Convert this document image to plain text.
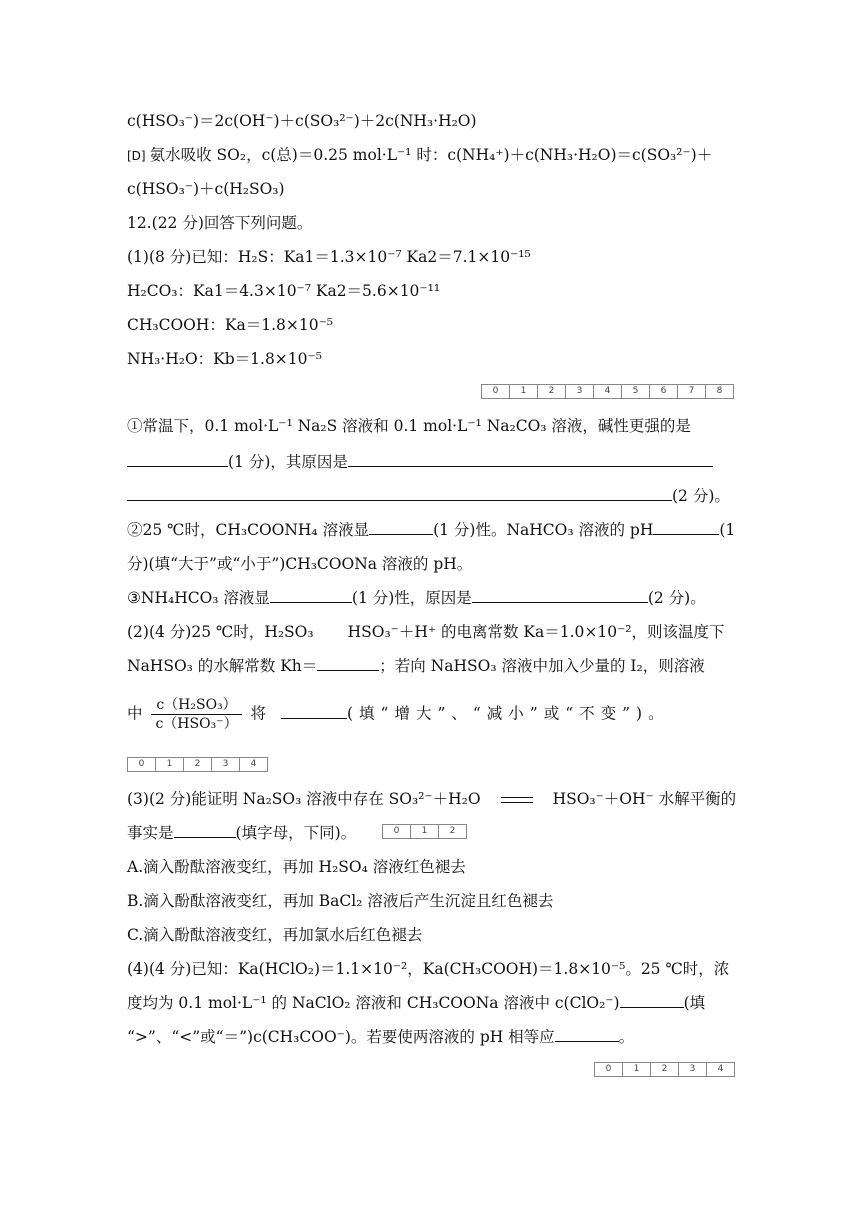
c(HSO₃⁻)＝2c(OH⁻)＋c(SO₃²⁻)＋2c(NH₃·H₂O)
[D] 氨水吸收 SO₂，c(总)＝0.25 mol·L⁻¹ 时：c(NH₄⁺)＋c(NH₃·H₂O)＝c(SO₃²⁻)＋
c(HSO₃⁻)＋c(H₂SO₃)
12.(22 分)回答下列问题。
(1)(8 分)已知：H₂S：Ka1＝1.3×10⁻⁷ Ka2＝7.1×10⁻¹⁵
H₂CO₃：Ka1＝4.3×10⁻⁷ Ka2＝5.6×10⁻¹¹
CH₃COOH：Ka＝1.8×10⁻⁵
NH₃·H₂O：Kb＝1.8×10⁻⁵
0	1	2	3	4	5	6	7	8
①常温下，0.1 mol·L⁻¹ Na₂S 溶液和 0.1 mol·L⁻¹ Na₂CO₃ 溶液，碱性更强的是
(1 分)，其原因是
(2 分)。
②25 ℃时，CH₃COONH₄ 溶液显	(1 分)性。NaHCO₃ 溶液的 pH	(1
分)(填“大于”或“小于”)CH₃COONa 溶液的 pH。
③NH₄HCO₃ 溶液显	(1 分)性，原因是	(2 分)。
(2)(4 分)25 ℃时，H₂SO₃ HSO₃⁻＋H⁺ 的电离常数 Ka＝1.0×10⁻²，则该温度下
NaHSO₃ 的水解常数 Kh＝	；若向 NaHSO₃ 溶液中加入少量的 I₂，则溶液
中 $\frac{\text{c（H₂SO₃）}}{\text{c（HSO₃⁻）}}$ 将	(填“增大”、“减小”或“不变”)。
0	1	2	3	4
(3)(2 分)能证明 Na₂SO₃ 溶液中存在 SO₃²⁻＋H₂O	HSO₃⁻＋OH⁻ 水解平衡的
事实是	(填字母，下同)。	0	1	2
A.滴入酚酞溶液变红，再加 H₂SO₄ 溶液红色褪去
B.滴入酚酞溶液变红，再加 BaCl₂ 溶液后产生沉淀且红色褪去
C.滴入酚酞溶液变红，再加氯水后红色褪去
(4)(4 分)已知：Ka(HClO₂)＝1.1×10⁻²，Ka(CH₃COOH)＝1.8×10⁻⁵。25 ℃时，浓
度均为 0.1 mol·L⁻¹ 的 NaClO₂ 溶液和 CH₃COONa 溶液中 c(ClO₂⁻)	(填
“>”、“<”或“＝”)c(CH₃COO⁻)。若要使两溶液的 pH 相等应	。
0	1	2	3	4
